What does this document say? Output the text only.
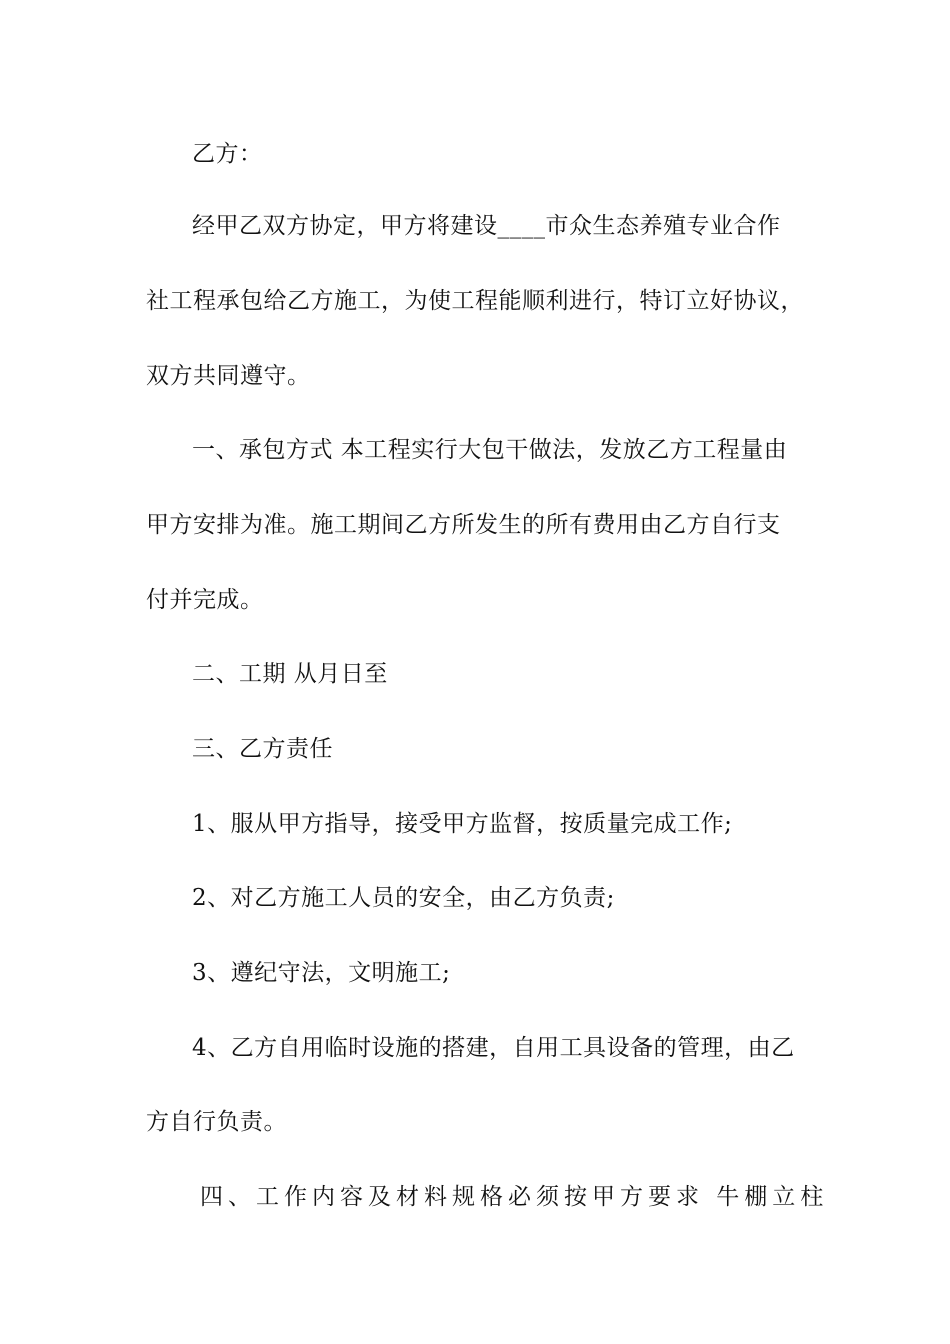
乙方：
经甲乙双方协定，甲方将建设____市众生态养殖专业合作
社工程承包给乙方施工，为使工程能顺利进行，特订立好协议，
双方共同遵守。
一、承包方式 本工程实行大包干做法，发放乙方工程量由
甲方安排为准。施工期间乙方所发生的所有费用由乙方自行支
付并完成。
二、工期 从月日至
三、乙方责任
1、服从甲方指导，接受甲方监督，按质量完成工作;
2、对乙方施工人员的安全，由乙方负责;
3、遵纪守法，文明施工;
4、乙方自用临时设施的搭建，自用工具设备的管理，由乙
方自行负责。
四、工作内容及材料规格必须按甲方要求 牛棚立柱
